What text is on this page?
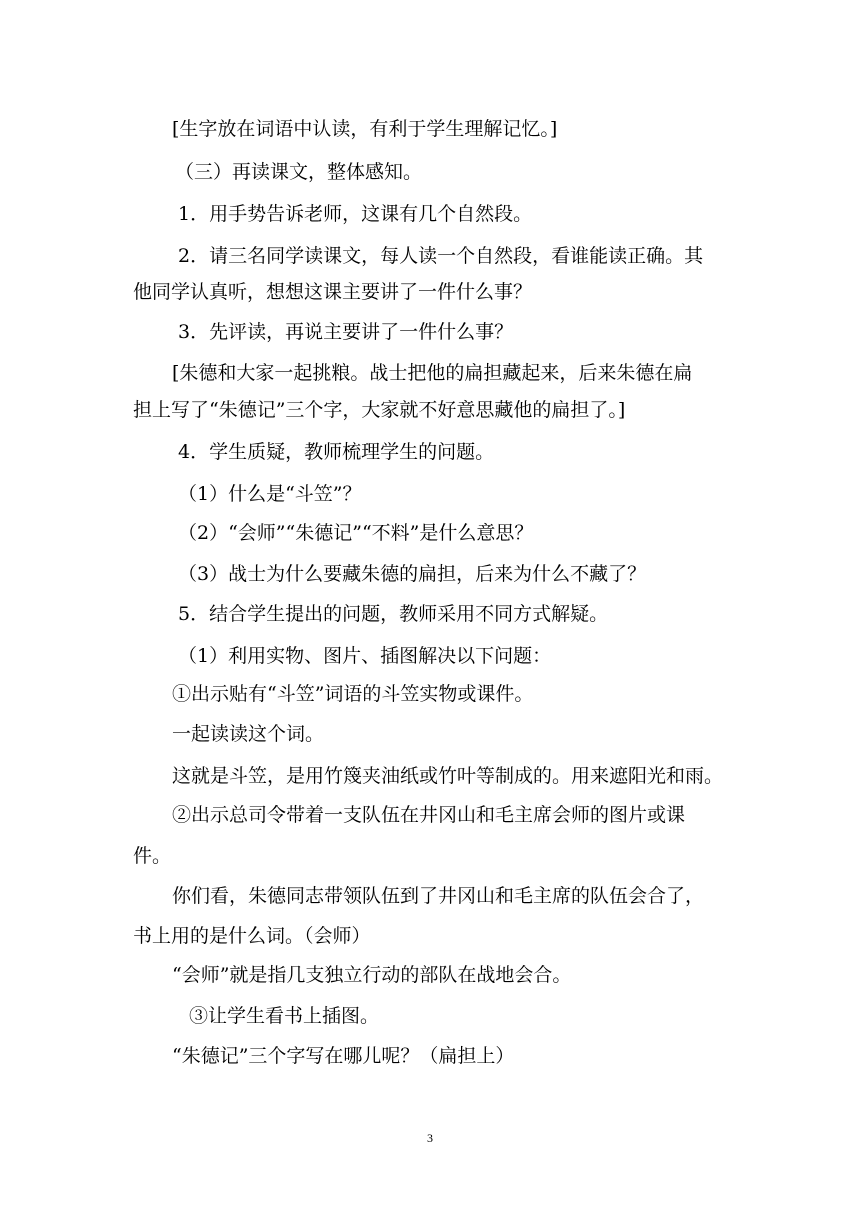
[生字放在词语中认读，有利于学生理解记忆。]
（三）再读课文，整体感知。
1．用手势告诉老师，这课有几个自然段。
2．请三名同学读课文，每人读一个自然段，看谁能读正确。其
他同学认真听，想想这课主要讲了一件什么事？
3．先评读，再说主要讲了一件什么事？
[朱德和大家一起挑粮。战士把他的扁担藏起来，后来朱德在扁
担上写了“朱德记”三个字，大家就不好意思藏他的扁担了。]
4．学生质疑，教师梳理学生的问题。
（1）什么是“斗笠”？
（2）“会师”“朱德记”“不料”是什么意思？
（3）战士为什么要藏朱德的扁担，后来为什么不藏了？
5．结合学生提出的问题，教师采用不同方式解疑。
（1）利用实物、图片、插图解决以下问题：
①出示贴有“斗笠”词语的斗笠实物或课件。
一起读读这个词。
这就是斗笠，是用竹篾夹油纸或竹叶等制成的。用来遮阳光和雨。
②出示总司令带着一支队伍在井冈山和毛主席会师的图片或课
件。
你们看，朱德同志带领队伍到了井冈山和毛主席的队伍会合了，
书上用的是什么词。（会师）
“会师”就是指几支独立行动的部队在战地会合。
③让学生看书上插图。
“朱德记”三个字写在哪儿呢？（扁担上）
3
